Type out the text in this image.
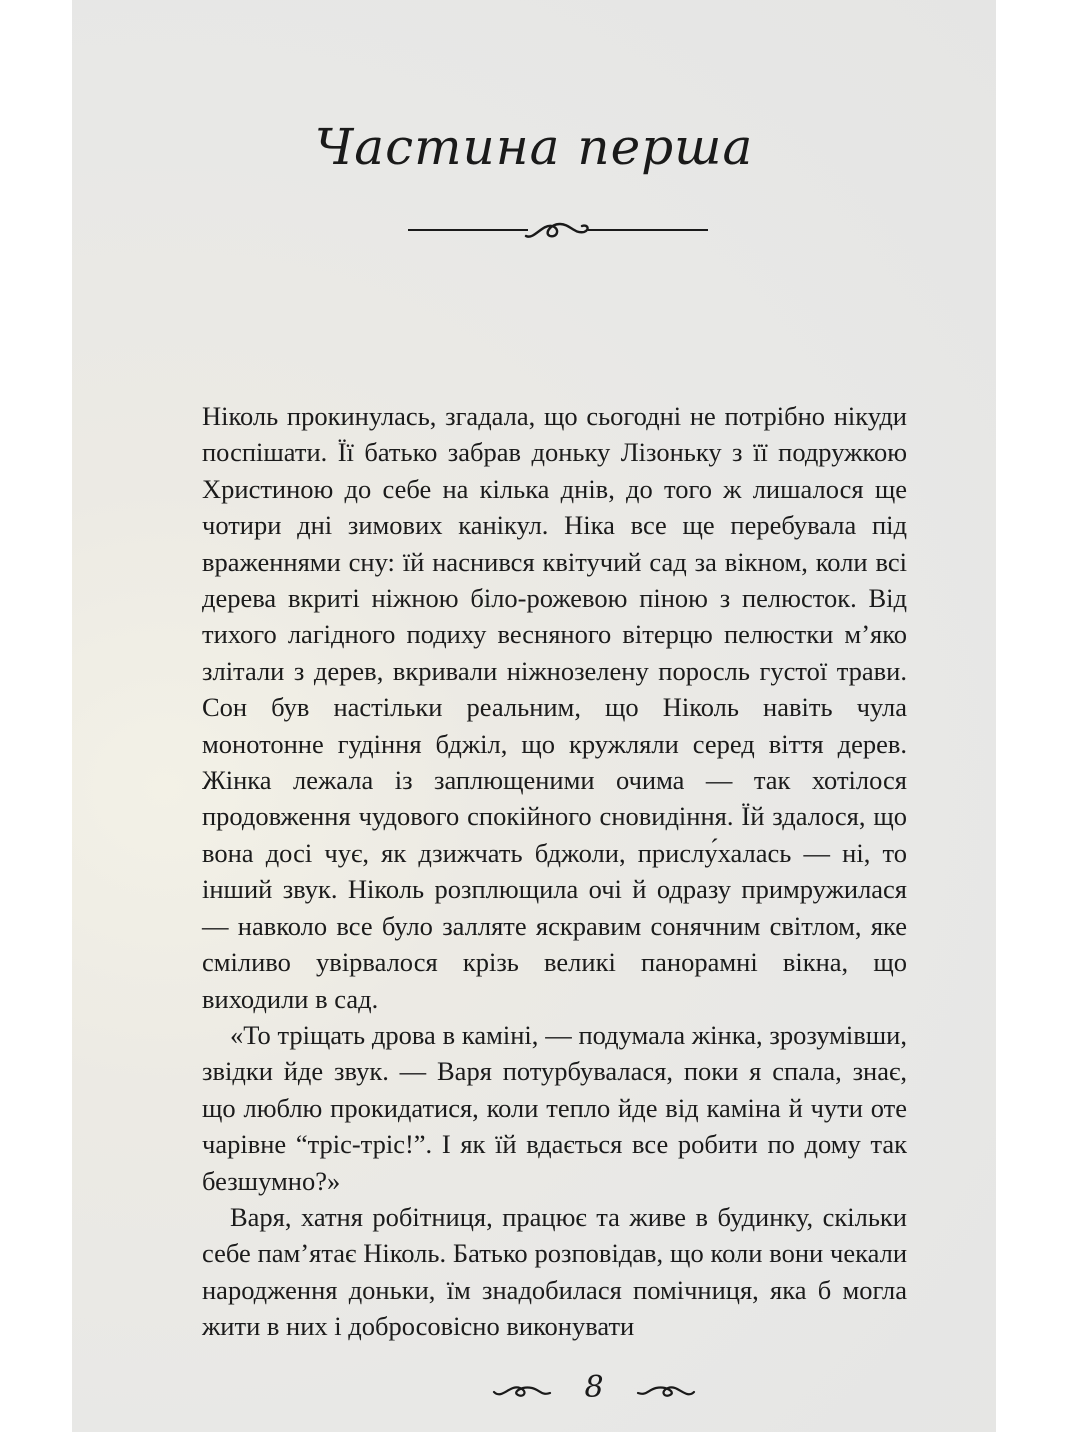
Частина перша

Ніколь прокинулась, згадала, що сьогодні не потрібно нікуди поспішати. Її батько забрав доньку Лізоньку з її подружкою Христиною до себе на кілька днів, до того ж лишалося ще чотири дні зимових канікул. Ніка все ще перебувала під враженнями сну: їй наснився квітучий сад за вікном, коли всі дерева вкриті ніжною біло-рожевою піною з пелюсток. Від тихого лагідного подиху весняного вітерцю пелюстки м’яко злітали з дерев, вкривали ніжнозелену поросль густої трави. Сон був настільки реальним, що Ніколь навіть чула монотонне гудіння бджіл, що кружляли серед віття дерев. Жінка лежала із заплющеними очима — так хотілося продовження чудового спокійного сновидіння. Їй здалося, що вона досі чує, як дзижчать бджоли, прислу́халась — ні, то інший звук. Ніколь розплющила очі й одразу примружилася — навколо все було залляте яскравим сонячним світлом, яке сміливо увірвалося крізь великі панорамні вікна, що виходили в сад.

«То тріщать дрова в каміні, — подумала жінка, зрозумівши, звідки йде звук. — Варя потурбувалася, поки я спала, знає, що люблю прокидатися, коли тепло йде від каміна й чути оте чарівне “тріс-тріс!”. І як їй вдається все робити по дому так безшумно?»

Варя, хатня робітниця, працює та живе в будинку, скільки себе пам’ятає Ніколь. Батько розповідав, що коли вони чекали народження доньки, їм знадобилася помічниця, яка б могла жити в них і добросовісно виконувати

8
